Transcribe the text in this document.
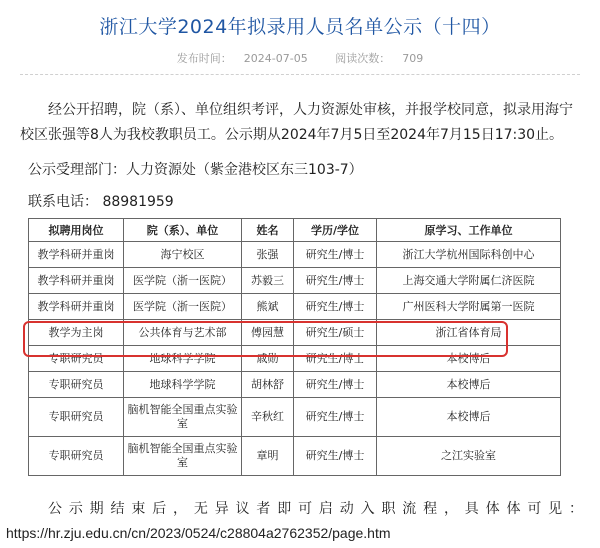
浙江大学2024年拟录用人员名单公示（十四）
发布时间： 2024-07-05	阅读次数： 709
经公开招聘，院（系）、单位组织考评，人力资源处审核，并报学校同意，拟录用海宁校区张强等8人为我校教职员工。公示期从2024年7月5日至2024年7月15日17:30止。
公示受理部门：人力资源处（紫金港校区东三103-7）
联系电话： 88981959
拟聘用岗位	院（系）、单位	姓名	学历/学位	原学习、工作单位
教学科研并重岗	海宁校区	张强	研究生/博士	浙江大学杭州国际科创中心
教学科研并重岗	医学院（浙一医院）	苏毅三	研究生/博士	上海交通大学附属仁济医院
教学科研并重岗	医学院（浙一医院）	熊斌	研究生/博士	广州医科大学附属第一医院
教学为主岗	公共体育与艺术部	傅园慧	研究生/硕士	浙江省体育局
专职研究员	地球科学学院	戚勋	研究生/博士	本校博后
专职研究员	地球科学学院	胡林舒	研究生/博士	本校博后
专职研究员	脑机智能全国重点实验室	辛秋红	研究生/博士	本校博后
专职研究员	脑机智能全国重点实验室	章明	研究生/博士	之江实验室
公示期结束后，无异议者即可启动入职流程，具体体可见：
https://hr.zju.edu.cn/cn/2023/0524/c28804a2762352/page.htm
